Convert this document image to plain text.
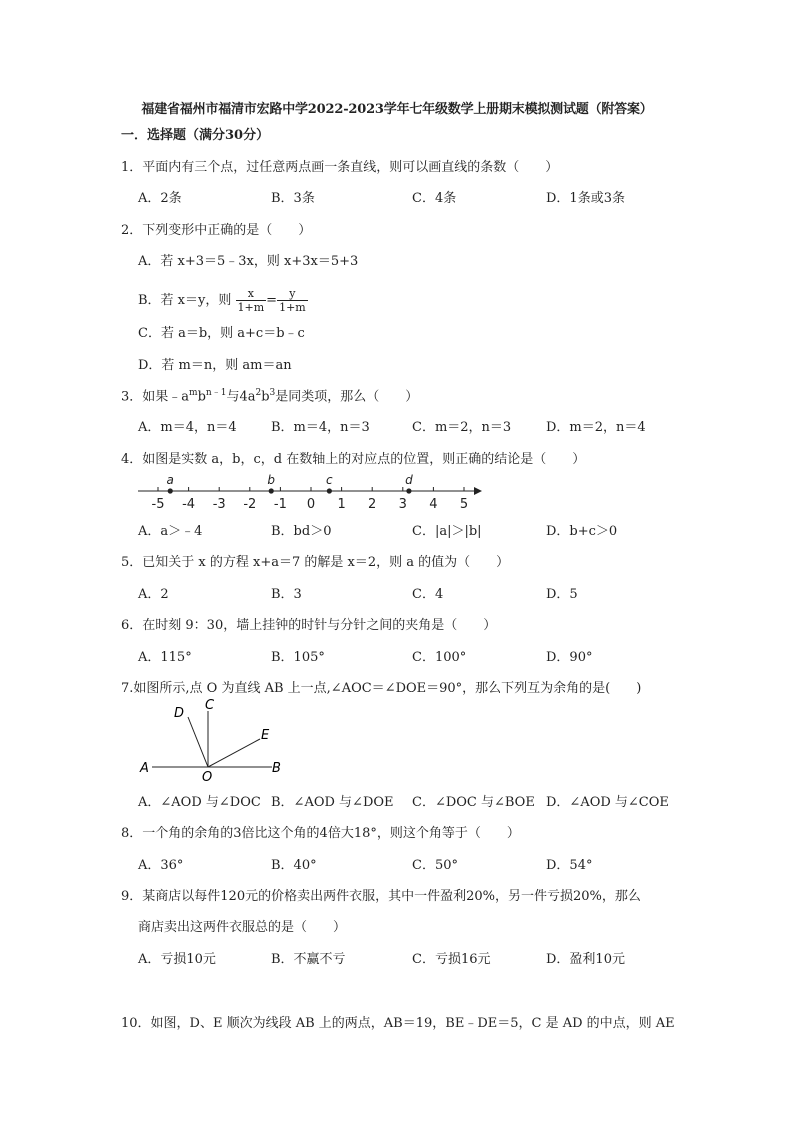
福建省福州市福清市宏路中学2022-2023学年七年级数学上册期末模拟测试题（附答案）
一．选择题（满分30分）
1．平面内有三个点，过任意两点画一条直线，则可以画直线的条数（　　）
A．2条	B．3条	C．4条	D．1条或3条
2．下列变形中正确的是（　　）
A．若 x+3＝5﹣3x，则 x+3x＝5+3
B．若 x＝y，则 $\frac{x}{1+m} = \frac{y}{1+m}$
C．若 a＝b，则 a+c＝b﹣c
D．若 m＝n，则 am＝an
3．如果$﹣a^mb^{n﹣1}$与$4a^2b^3$是同类项，那么（　　）
A．m＝4，n＝4	B．m＝4，n＝3	C．m＝2，n＝3	D．m＝2，n＝4
4．如图是实数 a，b，c，d 在数轴上的对应点的位置，则正确的结论是（　　）
-5 -4 -3 -2 -1 0 1 2 3 4 5
a	b	c	d
A．a＞﹣4	B．bd＞0	C．|a|＞|b|	D．b+c＞0
5．已知关于 x 的方程 x+a＝7 的解是 x＝2，则 a 的值为（　　）
A．2	B．3	C．4	D．5
6．在时刻 9：30，墙上挂钟的时针与分针之间的夹角是（　　）
A．115°	B．105°	C．100°	D．90°
7.如图所示,点 O 为直线 AB 上一点,∠AOC＝∠DOE＝90°，那么下列互为余角的是(　　)
A	B
C
D
E
O
A．∠AOD 与∠DOC B．∠AOD 与∠DOE C．∠DOC 与∠BOE D．∠AOD 与∠COE
8．一个角的余角的3倍比这个角的4倍大18°，则这个角等于（　　）
A．36°	B．40°	C．50°	D．54°
9．某商店以每件120元的价格卖出两件衣服，其中一件盈利20%，另一件亏损20%，那么
商店卖出这两件衣服总的是（　　）
A．亏损10元	B．不赢不亏	C．亏损16元	D．盈利10元
10．如图，D、E 顺次为线段 AB 上的两点，AB＝19，BE﹣DE＝5，C 是 AD 的中点，则 AE
